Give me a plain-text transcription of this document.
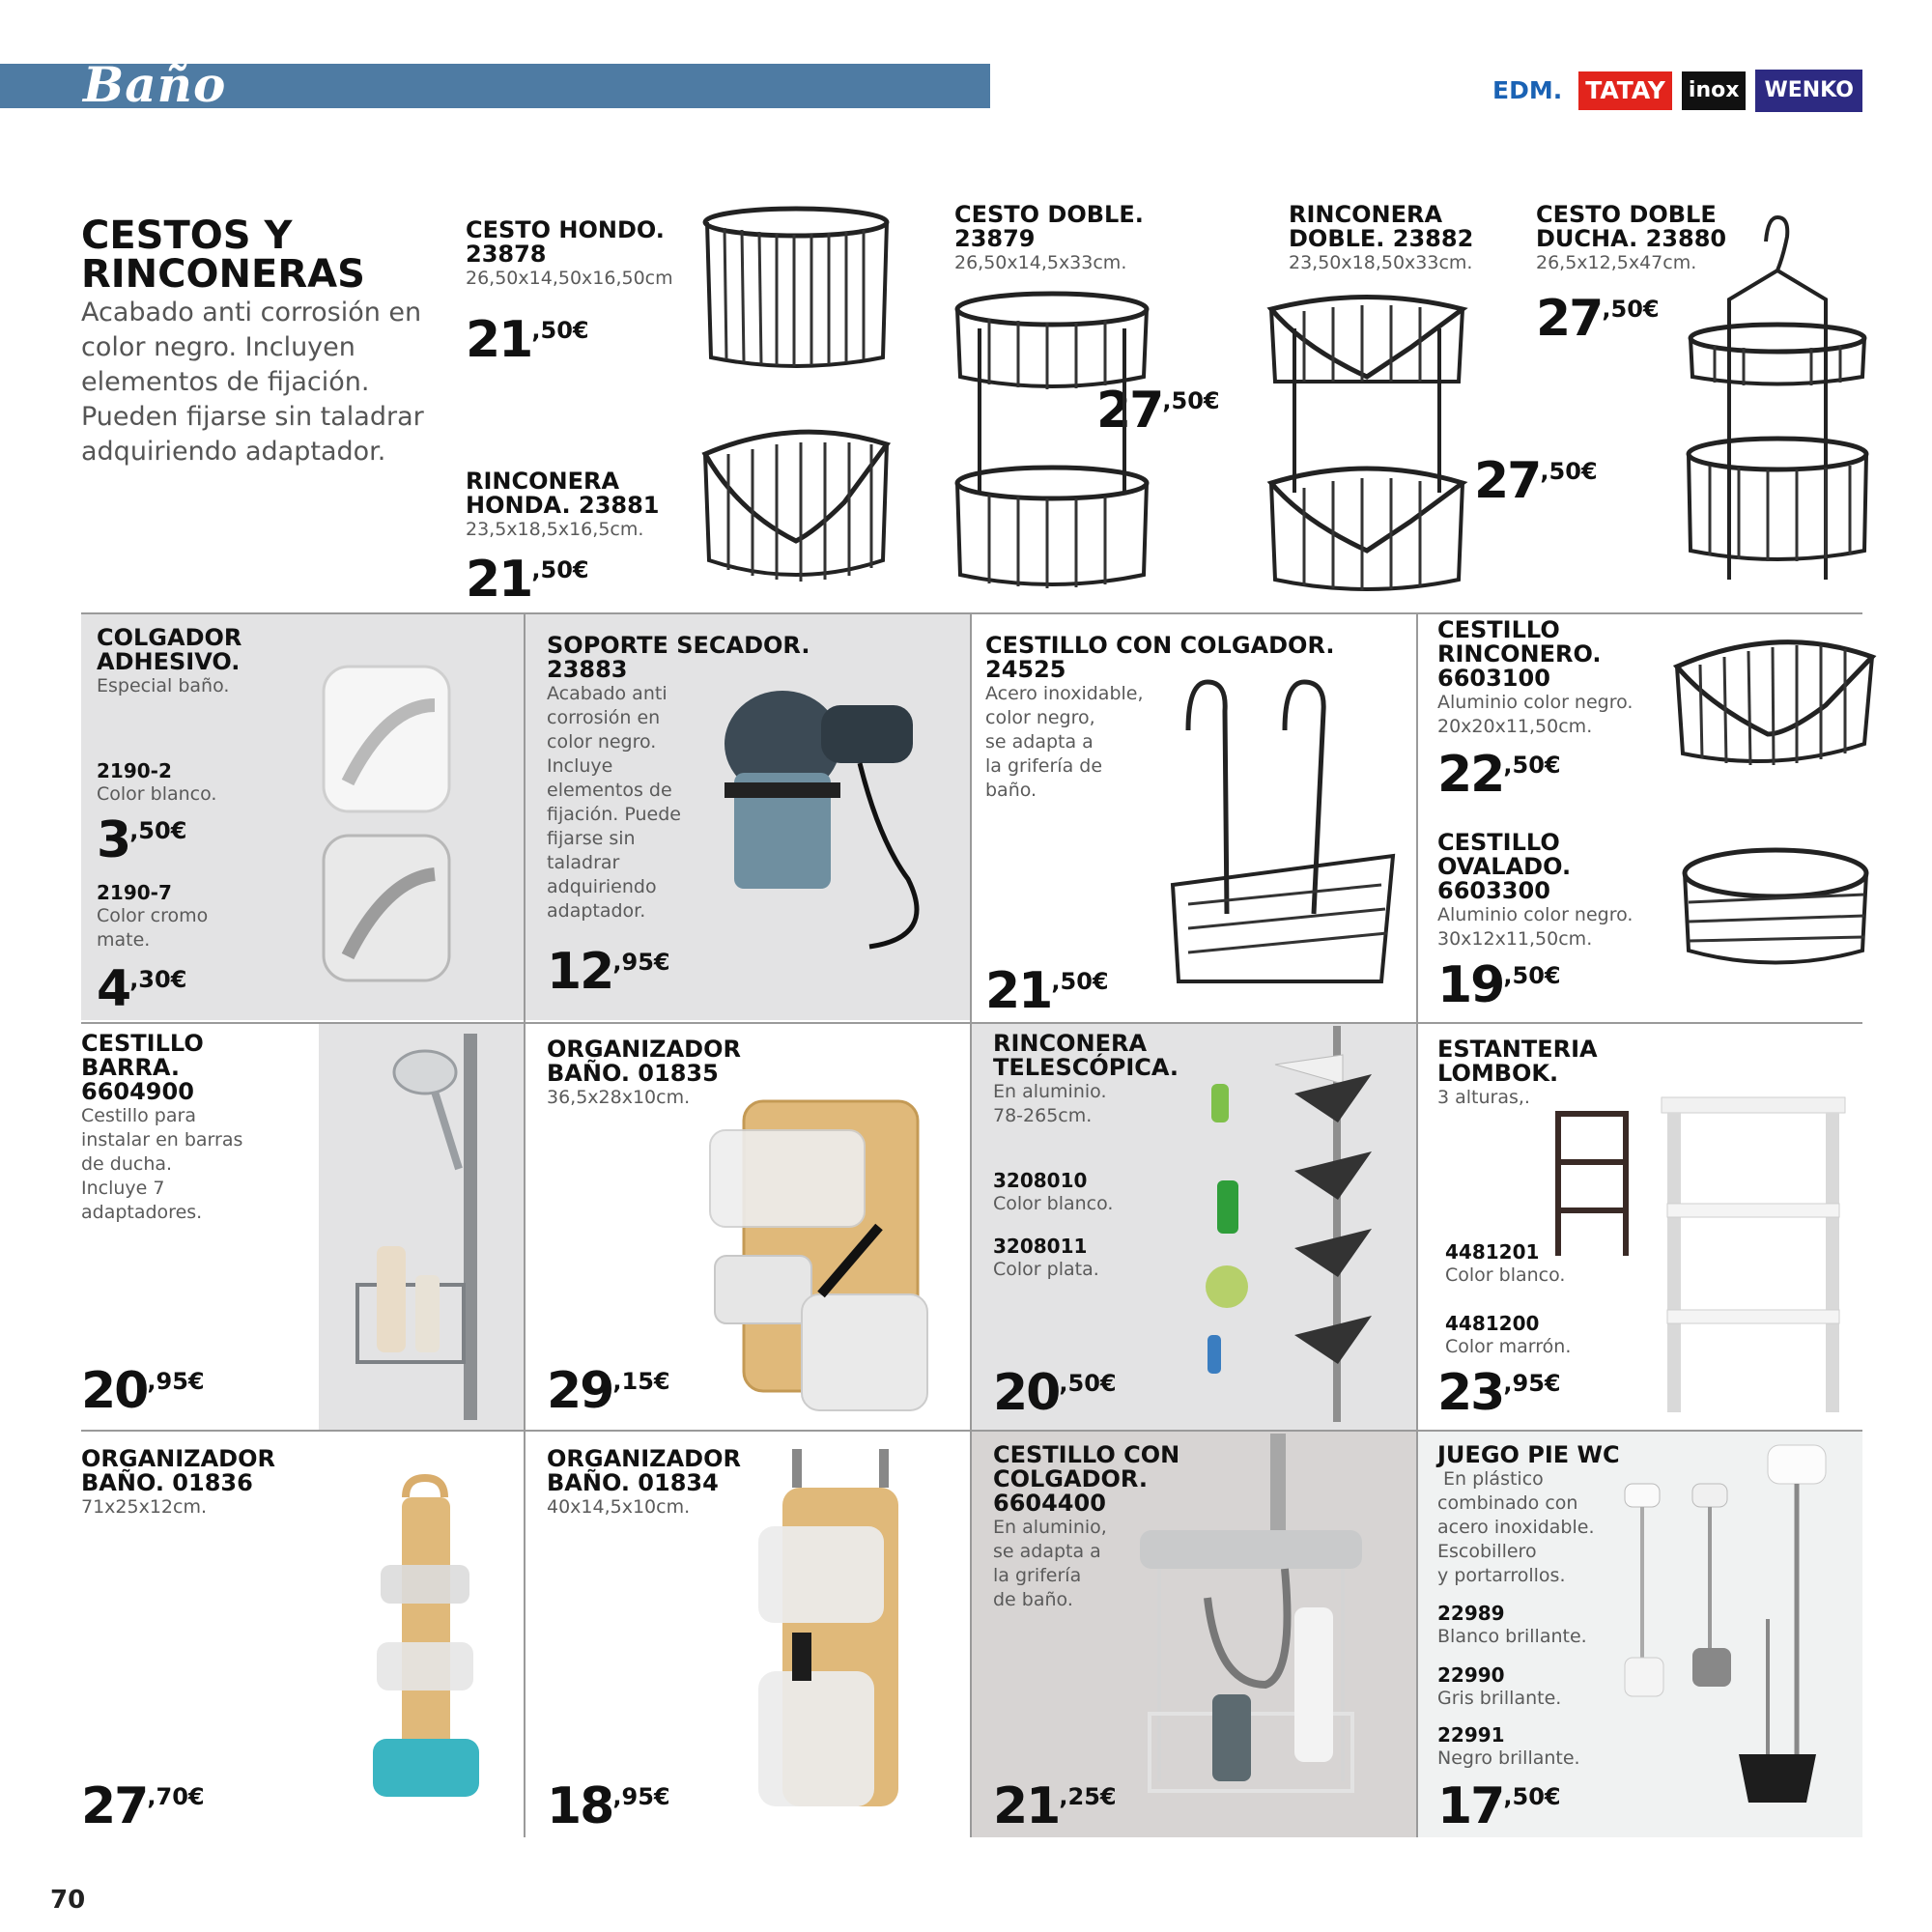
Baño	EDM. TATAY	inox	WENKO
CESTOS Y
RINCONERAS
Acabado anti corrosión en color negro. Incluyen elementos de fijación. Pueden fijarse sin taladrar adquiriendo adaptador.
CESTO HONDO.
23878
26,50x14,50x16,50cm
21,50€
RINCONERA
HONDA. 23881
23,5x18,5x16,5cm.
21,50€
CESTO DOBLE.
23879
26,50x14,5x33cm.
27,50€
RINCONERA
DOBLE. 23882
23,50x18,50x33cm.
27,50€
CESTO DOBLE
DUCHA. 23880
26,5x12,5x47cm.
27,50€
COLGADOR
ADHESIVO.
Especial baño.
2190-2
Color blanco.
3,50€
2190-7
Color cromo
mate.
4,30€
SOPORTE SECADOR.
23883
Acabado anti
corrosión en
color negro.
Incluye
elementos de
fijación. Puede
fijarse sin
taladrar
adquiriendo
adaptador.
12,95€
CESTILLO CON COLGADOR.
24525
Acero inoxidable,
color negro,
se adapta a
la grifería de
baño.
21,50€
CESTILLO
RINCONERO.
6603100
Aluminio color negro.
20x20x11,50cm.
22,50€
CESTILLO
OVALADO.
6603300
Aluminio color negro.
30x12x11,50cm.
19,50€
CESTILLO
BARRA.
6604900
Cestillo para
instalar en barras
de ducha.
Incluye 7
adaptadores.
20,95€
ORGANIZADOR
BAÑO. 01835
36,5x28x10cm.
29,15€
RINCONERA
TELESCÓPICA.
En aluminio.
78-265cm.
3208010
Color blanco.
3208011
Color plata.
20,50€
ESTANTERIA
LOMBOK.
3 alturas,.
4481201
Color blanco.
4481200
Color marrón.
23,95€
ORGANIZADOR
BAÑO. 01836
71x25x12cm.
27,70€
ORGANIZADOR
BAÑO. 01834
40x14,5x10cm.
18,95€
CESTILLO CON
COLGADOR.
6604400
En aluminio,
se adapta a
la grifería
de baño.
21,25€
JUEGO PIE WC
En plástico
combinado con
acero inoxidable.
Escobillero
y portarrollos.
22989
Blanco brillante.
22990
Gris brillante.
22991
Negro brillante.
17,50€
70
